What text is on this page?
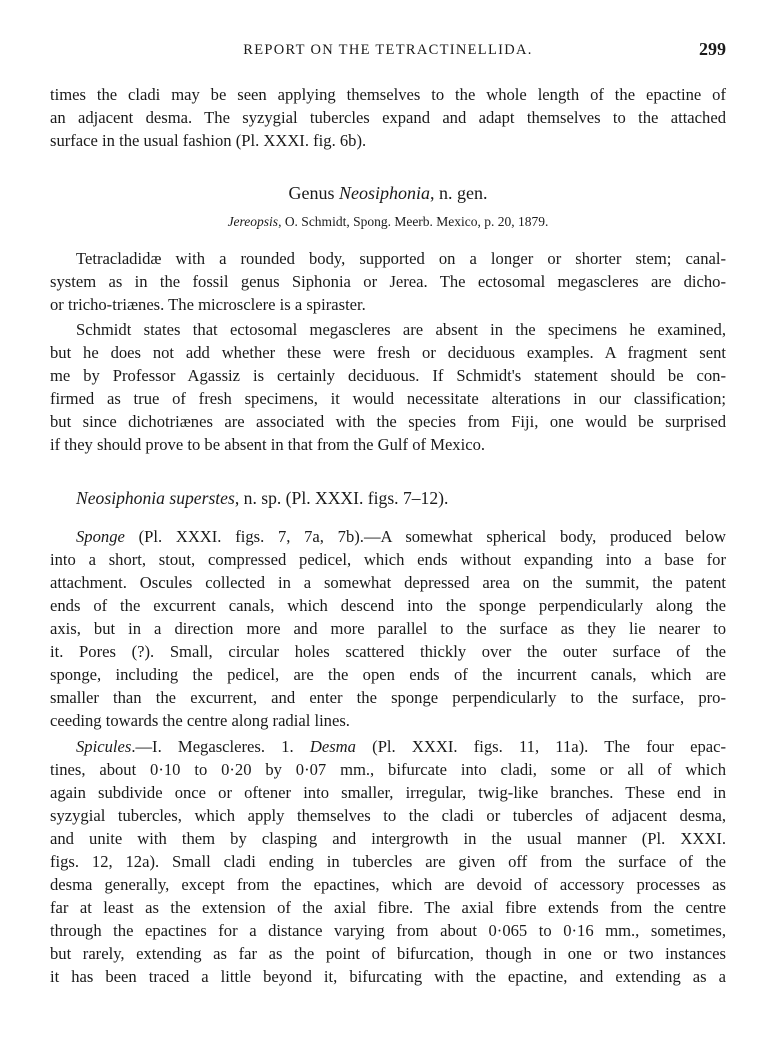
REPORT ON THE TETRACTINELLIDA.	299
times the cladi may be seen applying themselves to the whole length of the epactine of
an adjacent desma. The syzygial tubercles expand and adapt themselves to the attached
surface in the usual fashion (Pl. XXXI. fig. 6b).
Genus Neosiphonia, n. gen.
Jereopsis, O. Schmidt, Spong. Meerb. Mexico, p. 20, 1879.
Tetracladidæ with a rounded body, supported on a longer or shorter stem; canal-
system as in the fossil genus Siphonia or Jerea. The ectosomal megascleres are dicho-
or tricho-triænes. The microsclere is a spiraster.
Schmidt states that ectosomal megascleres are absent in the specimens he examined,
but he does not add whether these were fresh or deciduous examples. A fragment sent
me by Professor Agassiz is certainly deciduous. If Schmidt's statement should be con-
firmed as true of fresh specimens, it would necessitate alterations in our classification;
but since dichotriænes are associated with the species from Fiji, one would be surprised
if they should prove to be absent in that from the Gulf of Mexico.
Neosiphonia superstes, n. sp. (Pl. XXXI. figs. 7–12).
Sponge (Pl. XXXI. figs. 7, 7a, 7b).—A somewhat spherical body, produced below
into a short, stout, compressed pedicel, which ends without expanding into a base for
attachment. Oscules collected in a somewhat depressed area on the summit, the patent
ends of the excurrent canals, which descend into the sponge perpendicularly along the
axis, but in a direction more and more parallel to the surface as they lie nearer to
it. Pores (?). Small, circular holes scattered thickly over the outer surface of the
sponge, including the pedicel, are the open ends of the incurrent canals, which are
smaller than the excurrent, and enter the sponge perpendicularly to the surface, pro-
ceeding towards the centre along radial lines.
Spicules.—I. Megascleres. 1. Desma (Pl. XXXI. figs. 11, 11a). The four epac-
tines, about 0·10 to 0·20 by 0·07 mm., bifurcate into cladi, some or all of which
again subdivide once or oftener into smaller, irregular, twig-like branches. These end in
syzygial tubercles, which apply themselves to the cladi or tubercles of adjacent desma,
and unite with them by clasping and intergrowth in the usual manner (Pl. XXXI.
figs. 12, 12a). Small cladi ending in tubercles are given off from the surface of the
desma generally, except from the epactines, which are devoid of accessory processes as
far at least as the extension of the axial fibre. The axial fibre extends from the centre
through the epactines for a distance varying from about 0·065 to 0·16 mm., sometimes,
but rarely, extending as far as the point of bifurcation, though in one or two instances
it has been traced a little beyond it, bifurcating with the epactine, and extending as a
